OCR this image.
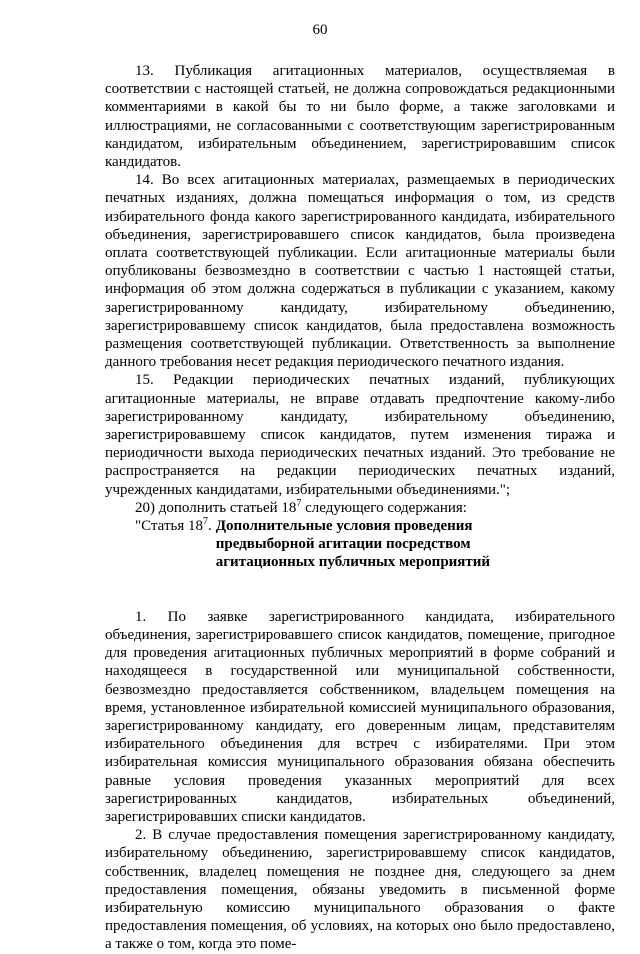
60

13. Публикация агитационных материалов, осуществляемая в соответствии с настоящей статьей, не должна сопровождаться редакционными комментариями в какой бы то ни было форме, а также заголовками и иллюстрациями, не согласованными с соответствующим зарегистрированным кандидатом, избирательным объединением, зарегистрировавшим список кандидатов.

14. Во всех агитационных материалах, размещаемых в периодических печатных изданиях, должна помещаться информация о том, из средств избирательного фонда какого зарегистрированного кандидата, избирательного объединения, зарегистрировавшего список кандидатов, была произведена оплата соответствующей публикации. Если агитационные материалы были опубликованы безвозмездно в соответствии с частью 1 настоящей статьи, информация об этом должна содержаться в публикации с указанием, какому зарегистрированному кандидату, избирательному объединению, зарегистрировавшему список кандидатов, была предоставлена возможность размещения соответствующей публикации. Ответственность за выполнение данного требования несет редакция периодического печатного издания.

15. Редакции периодических печатных изданий, публикующих агитационные материалы, не вправе отдавать предпочтение какому-либо зарегистрированному кандидату, избирательному объединению, зарегистрировавшему список кандидатов, путем изменения тиража и периодичности выхода периодических печатных изданий. Это требование не распространяется на редакции периодических печатных изданий, учрежденных кандидатами, избирательными объединениями.";

20) дополнить статьей $18^7$ следующего содержания:

"Статья $18^7$. Дополнительные условия проведения предвыборной агитации посредством агитационных публичных мероприятий

1. По заявке зарегистрированного кандидата, избирательного объединения, зарегистрировавшего список кандидатов, помещение, пригодное для проведения агитационных публичных мероприятий в форме собраний и находящееся в государственной или муниципальной собственности, безвозмездно предоставляется собственником, владельцем помещения на время, установленное избирательной комиссией муниципального образования, зарегистрированному кандидату, его доверенным лицам, представителям избирательного объединения для встреч с избирателями. При этом избирательная комиссия муниципального образования обязана обеспечить равные условия проведения указанных мероприятий для всех зарегистрированных кандидатов, избирательных объединений, зарегистрировавших списки кандидатов.

2. В случае предоставления помещения зарегистрированному кандидату, избирательному объединению, зарегистрировавшему список кандидатов, собственник, владелец помещения не позднее дня, следующего за днем предоставления помещения, обязаны уведомить в письменной форме избирательную комиссию муниципального образования о факте предоставления помещения, об условиях, на которых оно было предоставлено, а также о том, когда это поме-
